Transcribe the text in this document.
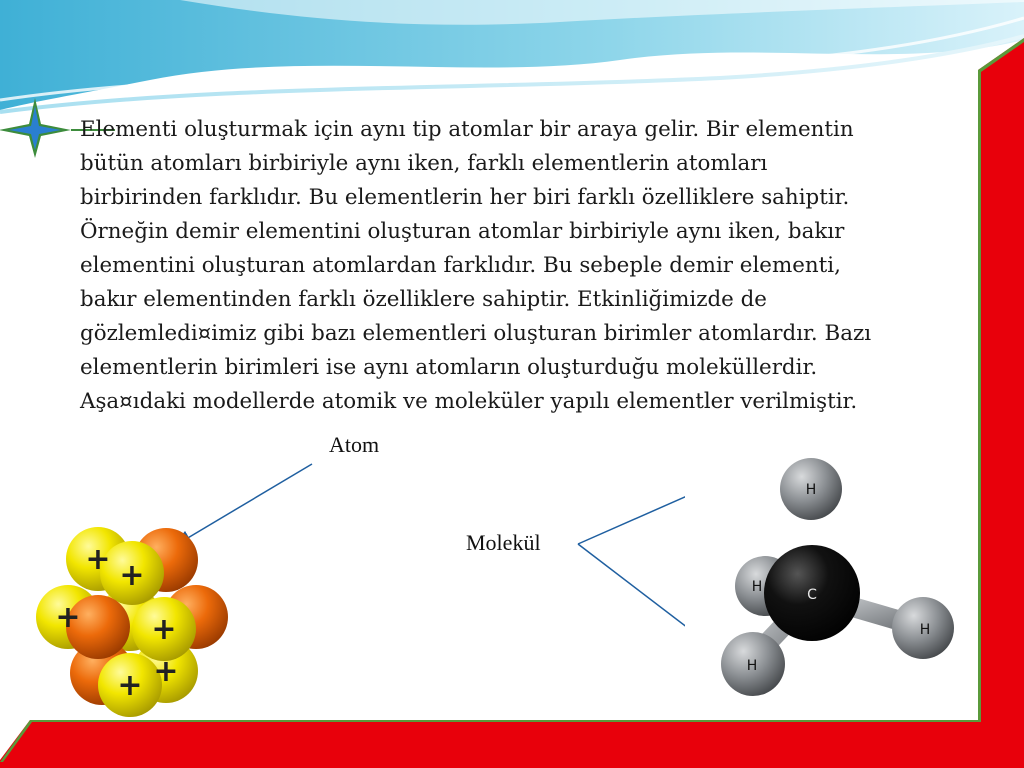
Elementi oluşturmak için aynı tip atomlar bir araya gelir. Bir elementin
bütün atomları birbiriyle aynı iken, farklı elementlerin atomları
birbirinden farklıdır. Bu elementlerin her biri farklı özelliklere sahiptir.
Örneğin demir elementini oluşturan atomlar birbiriyle aynı iken, bakır
elementini oluşturan atomlardan farklıdır. Bu sebeple demir elementi,
bakır elementinden farklı özelliklere sahiptir. Etkinliğimizde de
gözlemledi¤imiz gibi bazı elementleri oluşturan birimler atomlardır. Bazı
elementlerin birimleri ise aynı atomların oluşturduğu moleküllerdir.
Aşa¤ıdaki modellerde atomik ve moleküler yapılı elementler verilmiştir.

Atom
Molekül
+ +
+ +
+ +
H
H	C
H
H
